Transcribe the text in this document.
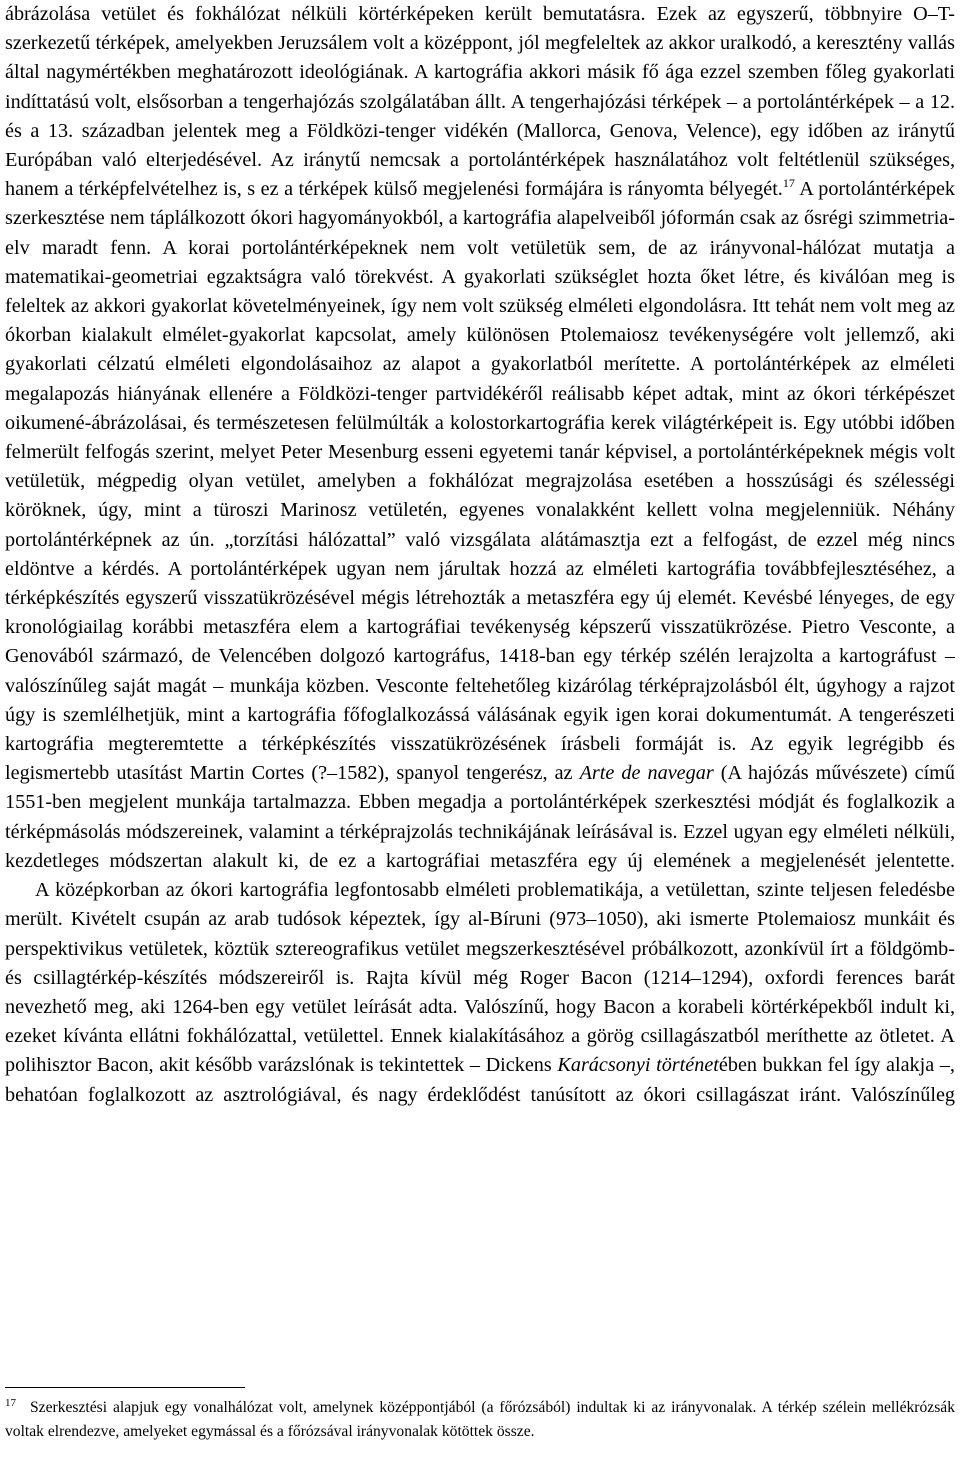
ábrázolása vetület és fokhálózat nélküli körtérképeken került bemutatásra. Ezek az egyszerű, többnyire O–T-szerkezetű térképek, amelyekben Jeruzsálem volt a középpont, jól megfeleltek az akkor uralkodó, a keresztény vallás által nagymértékben meghatározott ideológiának. A kartográfia akkori másik fő ága ezzel szemben főleg gyakorlati indíttatású volt, elsősorban a tengerhajózás szolgálatában állt. A tengerhajózási térképek – a portolántérképek – a 12. és a 13. században jelentek meg a Földközi-tenger vidékén (Mallorca, Genova, Velence), egy időben az iránytű Európában való elterjedésével. Az iránytű nemcsak a portolántérképek használatához volt feltétlenül szükséges, hanem a térképfelvételhez is, s ez a térképek külső megjelenési formájára is rányomta bélyegét.$^{17}$ A portolántérképek szerkesztése nem táplálkozott ókori hagyományokból, a kartográfia alapelveiből jóformán csak az ősrégi szimmetria-elv maradt fenn. A korai portolántérképeknek nem volt vetületük sem, de az irányvonal-hálózat mutatja a matematikai-geometriai egzaktságra való törekvést. A gyakorlati szükséglet hozta őket létre, és kiválóan meg is feleltek az akkori gyakorlat követelményeinek, így nem volt szükség elméleti elgondolásra. Itt tehát nem volt meg az ókorban kialakult elmélet-gyakorlat kapcsolat, amely különösen Ptolemaiosz tevékenységére volt jellemző, aki gyakorlati célzatú elméleti elgondolásaihoz az alapot a gyakorlatból merítette. A portolántérképek az elméleti megalapozás hiányának ellenére a Földközi-tenger partvidékéről reálisabb képet adtak, mint az ókori térképészet oikumené-ábrázolásai, és természetesen felülmúlták a kolostorkartográfia kerek világtérképeit is. Egy utóbbi időben felmerült felfogás szerint, melyet Peter Mesenburg esseni egyetemi tanár képvisel, a portolántérképeknek mégis volt vetületük, mégpedig olyan vetület, amelyben a fokhálózat megrajzolása esetében a hosszúsági és szélességi köröknek, úgy, mint a türoszi Marinosz vetületén, egyenes vonalakként kellett volna megjelenniük. Néhány portolántérképnek az ún. „torzítási hálózattal” való vizsgálata alátámasztja ezt a felfogást, de ezzel még nincs eldöntve a kérdés. A portolántérképek ugyan nem járultak hozzá az elméleti kartográfia továbbfejlesztéséhez, a térképkészítés egyszerű visszatükrözésével mégis létrehozták a metaszféra egy új elemét. Kevésbé lényeges, de egy kronológiailag korábbi metaszféra elem a kartográfiai tevékenység képszerű visszatükrözése. Pietro Vesconte, a Genovából származó, de Velencében dolgozó kartográfus, 1418-ban egy térkép szélén lerajzolta a kartográfust – valószínűleg saját magát – munkája közben. Vesconte feltehetőleg kizárólag térképrajzolásból élt, úgyhogy a rajzot úgy is szemlélhetjük, mint a kartográfia főfoglalkozássá válásának egyik igen korai dokumentumát. A tengerészeti kartográfia megteremtette a térképkészítés visszatükrözésének írásbeli formáját is. Az egyik legrégibb és legismertebb utasítást Martin Cortes (?–1582), spanyol tengerész, az Arte de navegar (A hajózás művészete) című 1551-ben megjelent munkája tartalmazza. Ebben megadja a portolántérképek szerkesztési módját és foglalkozik a térképmásolás módszereinek, valamint a térképrajzolás technikájának leírásával is. Ezzel ugyan egy elméleti nélküli, kezdetleges módszertan alakult ki, de ez a kartográfiai metaszféra egy új elemének a megjelenését jelentette.

A középkorban az ókori kartográfia legfontosabb elméleti problematikája, a vetülettan, szinte teljesen feledésbe merült. Kivételt csupán az arab tudósok képeztek, így al-Bíruni (973–1050), aki ismerte Ptolemaiosz munkáit és perspektivikus vetületek, köztük sztereografikus vetület megszerkesztésével próbálkozott, azonkívül írt a földgömb- és csillagtérkép-készítés módszereiről is. Rajta kívül még Roger Bacon (1214–1294), oxfordi ferences barát nevezhető meg, aki 1264-ben egy vetület leírását adta. Valószínű, hogy Bacon a korabeli körtérképekből indult ki, ezeket kívánta ellátni fokhálózattal, vetülettel. Ennek kialakításához a görög csillagászatból meríthette az ötletet. A polihisztor Bacon, akit később varázslónak is tekintettek – Dickens Karácsonyi történetében bukkan fel így alakja –, behatóan foglalkozott az asztrológiával, és nagy érdeklődést tanúsított az ókori csillagászat iránt. Valószínűleg

$^{17}$ Szerkesztési alapjuk egy vonalhálózat volt, amelynek középpontjából (a főrózsából) indultak ki az irányvonalak. A térkép szélein mellékrózsák voltak elrendezve, amelyeket egymással és a főrózsával irányvonalak kötöttek össze.
